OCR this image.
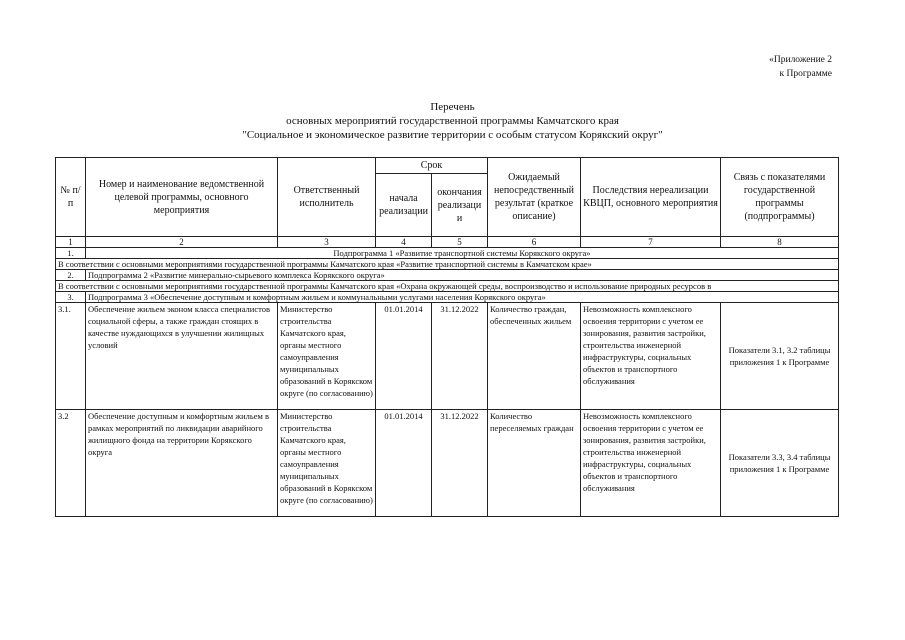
«Приложение 2
к Программе
Перечень
основных мероприятий государственной программы Камчатского края
"Социальное и экономическое развитие территории с особым статусом Корякский округ"
№ п/п	Номер и наименование ведомственной целевой программы, основного мероприятия	Ответственный исполнитель	Срок		Ожидаемый непосредственный результат (краткое описание)	Последствия нереализации КВЦП, основного мероприятия	Связь с показателями государственной программы (подпрограммы)
			начала реализации	окончания реализаци и			
1	2	3	4	5	6	7	8
1.	Подпрограмма 1 «Развитие транспортной системы Корякского округа»						
В соответствии с основными мероприятиями государственной программы Камчатского края «Развитие транспортной системы в Камчатском крае»							
2.	Подпрограмма 2 «Развитие минерально-сырьевого комплекса Корякского округа»						
В соответствии с основными мероприятиями государственной программы Камчатского края «Охрана окружающей среды, воспроизводство и использование природных ресурсов в							
3.	Подпрограмма 3 «Обеспечение доступным и комфортным жильем и коммунальными услугами населения Корякского округа»						
3.1.	Обеспечение жильем эконом класса специалистов социальной сферы, а также граждан стоящих в качестве нуждающихся в улучшении жилищных условий	Министерство строительства Камчатского края, органы местного самоуправления муниципальных образований в Корякском округе (по согласованию)	01.01.2014	31.12.2022	Количество граждан, обеспеченных жильем	Невозможность комплексного освоения территории с учетом ее зонирования, развития застройки, строительства инженерной инфраструктуры, социальных объектов и транспортного обслуживания	Показатели 3.1, 3.2 таблицы приложения 1 к Программе
3.2	Обеспечение доступным и комфортным жильем в рамках мероприятий по ликвидации аварийного жилищного фонда на территории Корякского округа	Министерство строительства Камчатского края, органы местного самоуправления муниципальных образований в Корякском округе (по согласованию)	01.01.2014	31.12.2022	Количество переселяемых граждан	Невозможность комплексного освоения территории с учетом ее зонирования, развития застройки, строительства инженерной инфраструктуры, социальных объектов и транспортного обслуживания	Показатели 3.3, 3.4 таблицы приложения 1 к Программе
